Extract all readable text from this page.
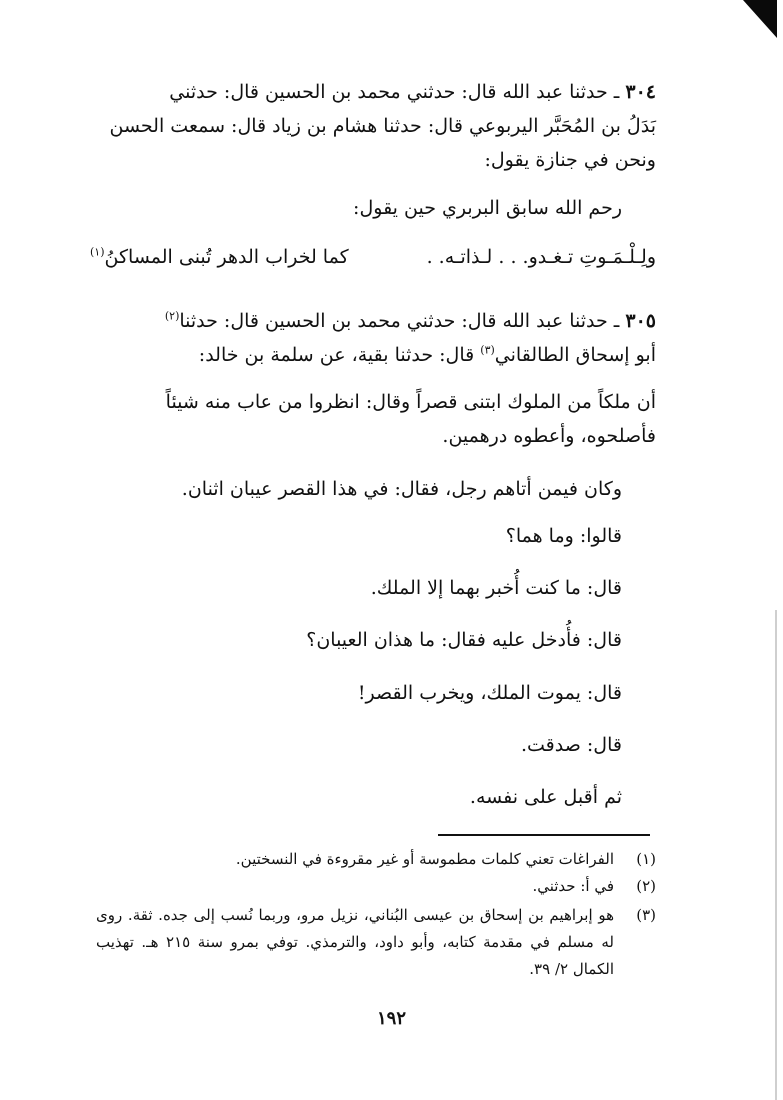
٣٠٤ ـ حدثنا عبد الله قال: حدثني محمد بن الحسين قال: حدثني
بَدَلُ بن المُحَبَّر اليربوعي قال: حدثنا هشام بن زياد قال: سمعت الحسن
ونحن في جنازة يقول:
رحم الله سابق البربري حين يقول:
ولِـلْـمَـوتِ تـغـدو. . . لـذاتـه. .
كما لخراب الدهر تُبنى المساكنُ$^{(١)}$
٣٠٥ ـ حدثنا عبد الله قال: حدثني محمد بن الحسين قال: حدثنا$^{(٢)}$
أبو إسحاق الطالقاني$^{(٣)}$ قال: حدثنا بقية، عن سلمة بن خالد:
أن ملكاً من الملوك ابتنى قصراً وقال: انظروا من عاب منه شيئاً
فأصلحوه، وأعطوه درهمين.
وكان فيمن أتاهم رجل، فقال: في هذا القصر عيبان اثنان.
قالوا: وما هما؟
قال: ما كنت أُخبر بهما إلا الملك.
قال: فأُدخل عليه فقال: ما هذان العيبان؟
قال: يموت الملك، ويخرب القصر!
قال: صدقت.
ثم أقبل على نفسه.
(١)
الفراغات تعني كلمات مطموسة أو غير مقروءة في النسختين.
(٢)
في أ: حدثني.
(٣)
هو إبراهيم بن إسحاق بن عيسى البُناني، نزيل مرو، وربما نُسب إلى جده. ثقة. روى له مسلم في مقدمة كتابه، وأبو داود، والترمذي. توفي بمرو سنة ٢١٥ هـ. تهذيب الكمال ٢/ ٣٩.
١٩٢
